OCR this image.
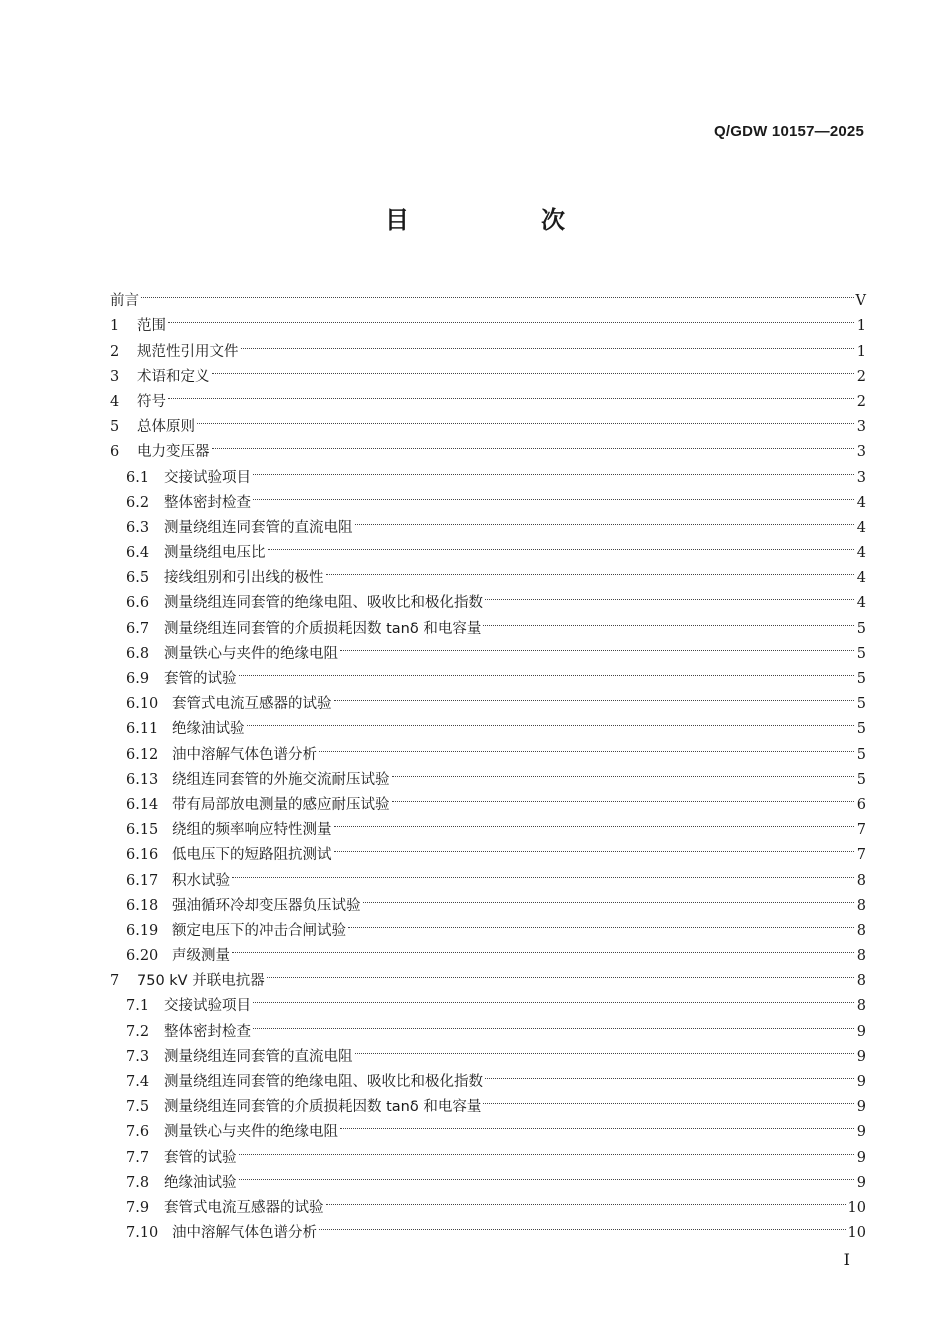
Q/GDW 10157—2025
目　次
前言	V
1	范围	1
2	规范性引用文件	1
3	术语和定义	2
4	符号	2
5	总体原则	3
6	电力变压器	3
6.1	交接试验项目	3
6.2	整体密封检查	4
6.3	测量绕组连同套管的直流电阻	4
6.4	测量绕组电压比	4
6.5	接线组别和引出线的极性	4
6.6	测量绕组连同套管的绝缘电阻、吸收比和极化指数	4
6.7	测量绕组连同套管的介质损耗因数 tanδ 和电容量	5
6.8	测量铁心与夹件的绝缘电阻	5
6.9	套管的试验	5
6.10 套管式电流互感器的试验	5
6.11 绝缘油试验	5
6.12 油中溶解气体色谱分析	5
6.13 绕组连同套管的外施交流耐压试验	5
6.14 带有局部放电测量的感应耐压试验	6
6.15 绕组的频率响应特性测量	7
6.16 低电压下的短路阻抗测试	7
6.17 积水试验	8
6.18 强油循环冷却变压器负压试验	8
6.19 额定电压下的冲击合闸试验	8
6.20 声级测量	8
7	750 kV 并联电抗器	8
7.1	交接试验项目	8
7.2	整体密封检查	9
7.3	测量绕组连同套管的直流电阻	9
7.4	测量绕组连同套管的绝缘电阻、吸收比和极化指数	9
7.5	测量绕组连同套管的介质损耗因数 tanδ 和电容量	9
7.6	测量铁心与夹件的绝缘电阻	9
7.7	套管的试验	9
7.8	绝缘油试验	9
7.9	套管式电流互感器的试验	10
7.10 油中溶解气体色谱分析	10
I
